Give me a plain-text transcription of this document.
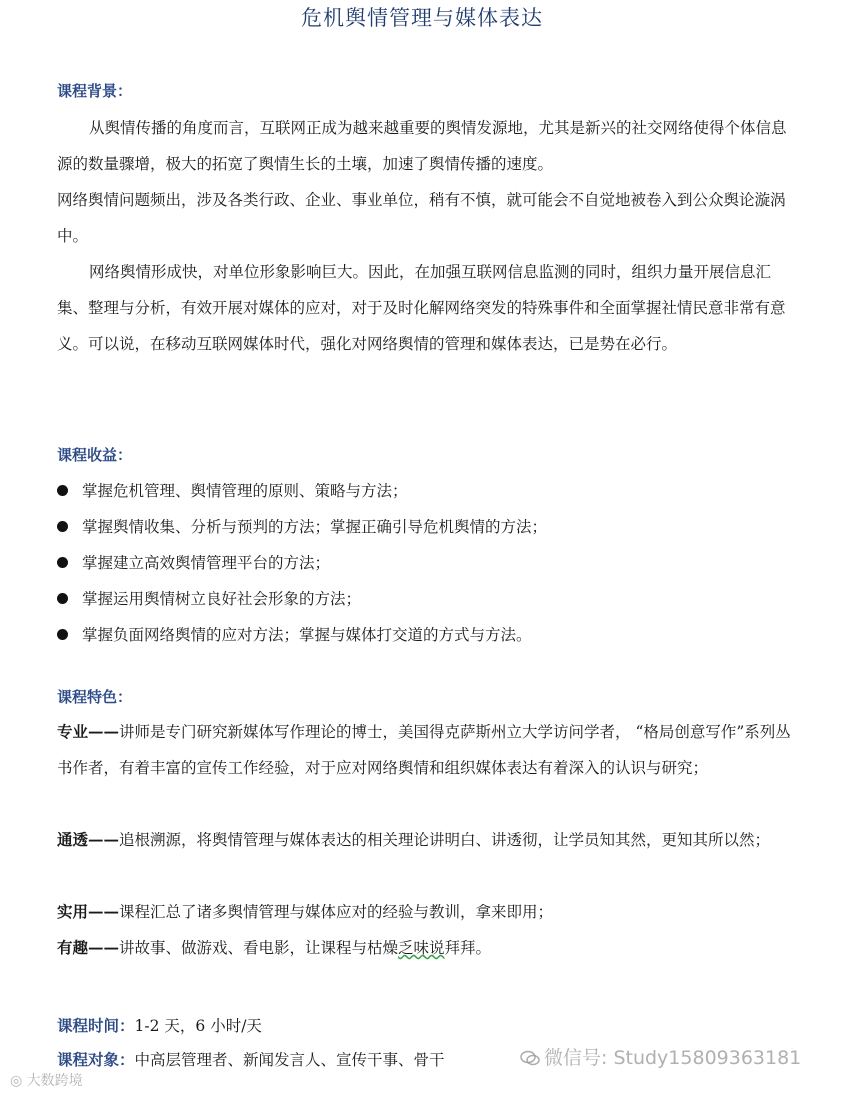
危机舆情管理与媒体表达
课程背景：
从舆情传播的角度而言，互联网正成为越来越重要的舆情发源地，尤其是新兴的社交网络使得个体信息源的数量骤增，极大的拓宽了舆情生长的土壤，加速了舆情传播的速度。
网络舆情问题频出，涉及各类行政、企业、事业单位，稍有不慎，就可能会不自觉地被卷入到公众舆论漩涡中。
网络舆情形成快，对单位形象影响巨大。因此，在加强互联网信息监测的同时，组织力量开展信息汇集、整理与分析，有效开展对媒体的应对，对于及时化解网络突发的特殊事件和全面掌握社情民意非常有意义。可以说，在移动互联网媒体时代，强化对网络舆情的管理和媒体表达，已是势在必行。
课程收益：
掌握危机管理、舆情管理的原则、策略与方法；
掌握舆情收集、分析与预判的方法；掌握正确引导危机舆情的方法；
掌握建立高效舆情管理平台的方法；
掌握运用舆情树立良好社会形象的方法；
掌握负面网络舆情的应对方法；掌握与媒体打交道的方式与方法。
课程特色：
专业——讲师是专门研究新媒体写作理论的博士，美国得克萨斯州立大学访问学者， “格局创意写作”系列丛书作者，有着丰富的宣传工作经验，对于应对网络舆情和组织媒体表达有着深入的认识与研究；
通透——追根溯源，将舆情管理与媒体表达的相关理论讲明白、讲透彻，让学员知其然，更知其所以然；
实用——课程汇总了诸多舆情管理与媒体应对的经验与教训，拿来即用；
有趣——讲故事、做游戏、看电影，让课程与枯燥乏味说拜拜。
课程时间：1-2 天，6 小时/天
课程对象：中高层管理者、新闻发言人、宣传干事、骨干	微信号: Study15809363181
◎ 大数跨境
